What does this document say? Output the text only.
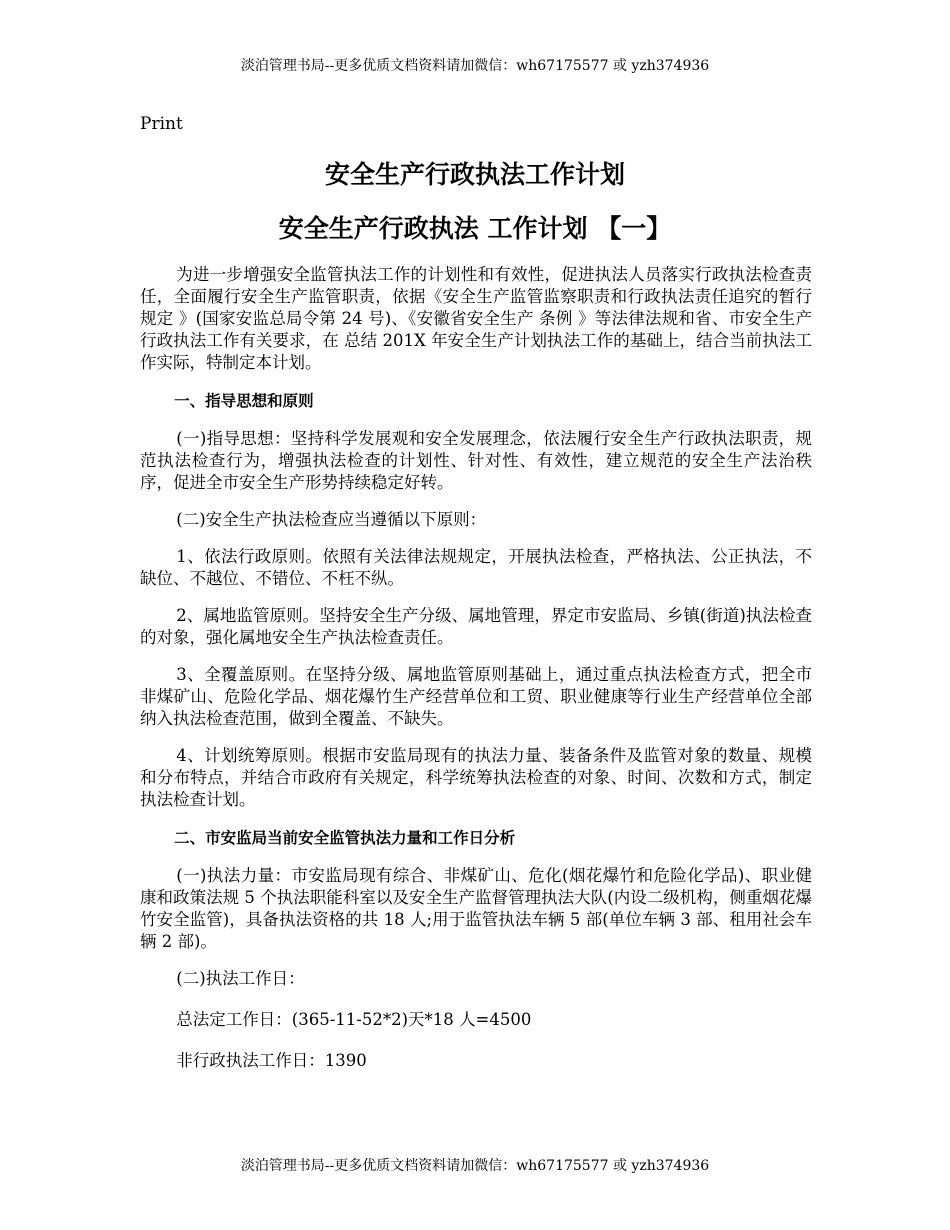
淡泊管理书局--更多优质文档资料请加微信：wh67175577 或 yzh374936
Print
安全生产行政执法工作计划
安全生产行政执法 工作计划 【一】

为进一步增强安全监管执法工作的计划性和有效性，促进执法人员落实行政执法检查责任，全面履行安全生产监管职责，依据《安全生产监管监察职责和行政执法责任追究的暂行 规定 》(国家安监总局令第 24 号)、《安徽省安全生产 条例 》等法律法规和省、市安全生产行政执法工作有关要求，在 总结 201X 年安全生产计划执法工作的基础上，结合当前执法工作实际，特制定本计划。

一、指导思想和原则

(一)指导思想：坚持科学发展观和安全发展理念，依法履行安全生产行政执法职责，规范执法检查行为，增强执法检查的计划性、针对性、有效性，建立规范的安全生产法治秩序，促进全市安全生产形势持续稳定好转。

(二)安全生产执法检查应当遵循以下原则：

1、依法行政原则。依照有关法律法规规定，开展执法检查，严格执法、公正执法，不缺位、不越位、不错位、不枉不纵。

2、属地监管原则。坚持安全生产分级、属地管理，界定市安监局、乡镇(街道)执法检查的对象，强化属地安全生产执法检查责任。

3、全覆盖原则。在坚持分级、属地监管原则基础上，通过重点执法检查方式，把全市非煤矿山、危险化学品、烟花爆竹生产经营单位和工贸、职业健康等行业生产经营单位全部纳入执法检查范围，做到全覆盖、不缺失。

4、计划统筹原则。根据市安监局现有的执法力量、装备条件及监管对象的数量、规模和分布特点，并结合市政府有关规定，科学统筹执法检查的对象、时间、次数和方式，制定执法检查计划。

二、市安监局当前安全监管执法力量和工作日分析

(一)执法力量：市安监局现有综合、非煤矿山、危化(烟花爆竹和危险化学品)、职业健康和政策法规 5 个执法职能科室以及安全生产监督管理执法大队(内设二级机构，侧重烟花爆竹安全监管)，具备执法资格的共 18 人;用于监管执法车辆 5 部(单位车辆 3 部、租用社会车辆 2 部)。

(二)执法工作日：

总法定工作日：(365-11-52*2)天*18 人=4500

非行政执法工作日：1390

淡泊管理书局--更多优质文档资料请加微信：wh67175577 或 yzh374936
